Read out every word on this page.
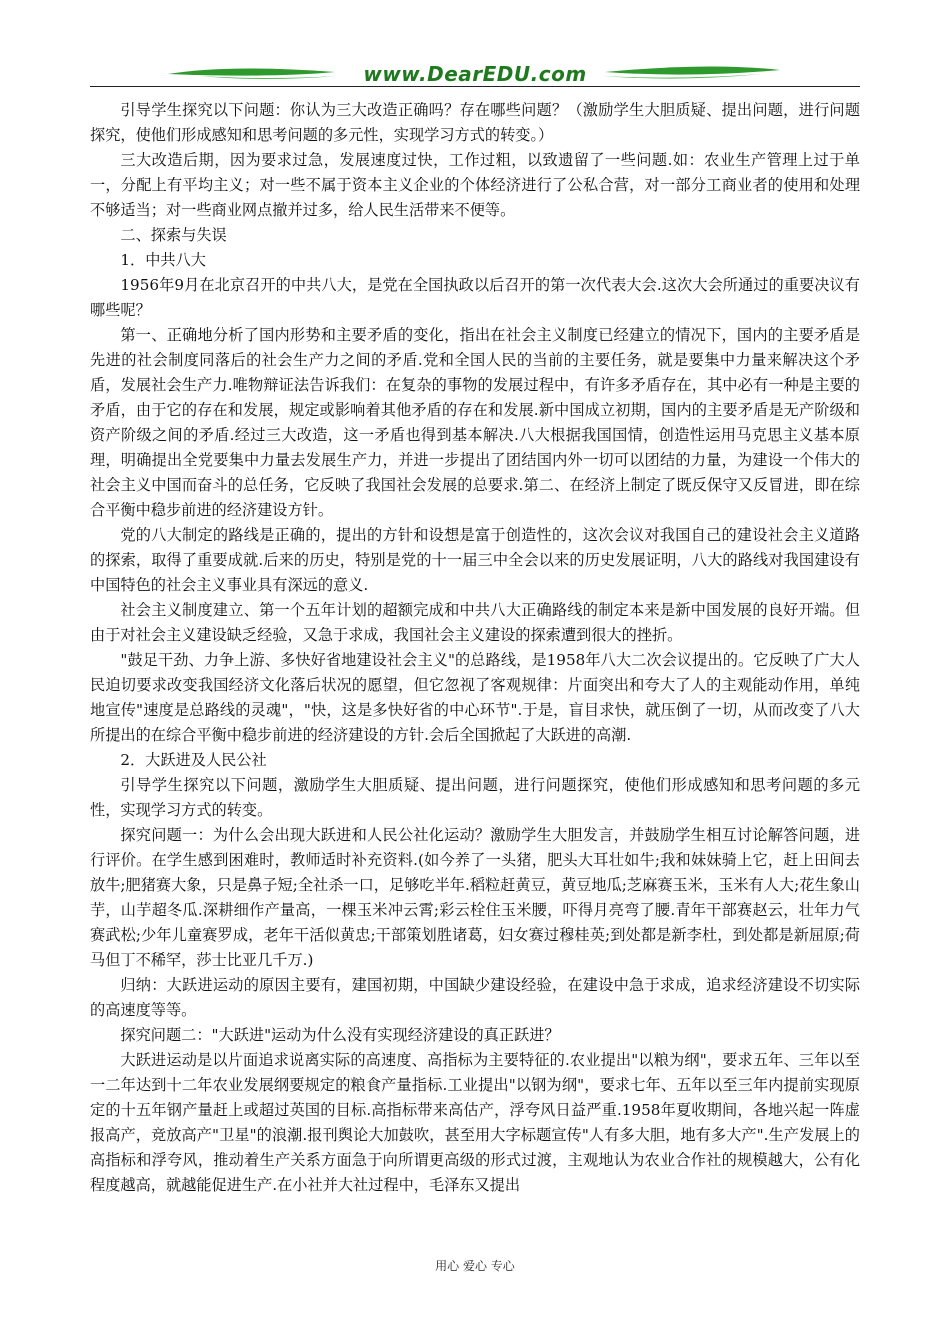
www.DearEDU.com

引导学生探究以下问题：你认为三大改造正确吗？存在哪些问题？（激励学生大胆质疑、提出问题，进行问题探究，使他们形成感知和思考问题的多元性，实现学习方式的转变。）

三大改造后期，因为要求过急，发展速度过快，工作过粗，以致遗留了一些问题.如：农业生产管理上过于单一，分配上有平均主义；对一些不属于资本主义企业的个体经济进行了公私合营，对一部分工商业者的使用和处理不够适当；对一些商业网点撤并过多，给人民生活带来不便等。

二、探索与失误

1．中共八大

1956年9月在北京召开的中共八大，是党在全国执政以后召开的第一次代表大会.这次大会所通过的重要决议有哪些呢？

第一、正确地分析了国内形势和主要矛盾的变化，指出在社会主义制度已经建立的情况下，国内的主要矛盾是先进的社会制度同落后的社会生产力之间的矛盾.党和全国人民的当前的主要任务，就是要集中力量来解决这个矛盾，发展社会生产力.唯物辩证法告诉我们：在复杂的事物的发展过程中，有许多矛盾存在，其中必有一种是主要的矛盾，由于它的存在和发展，规定或影响着其他矛盾的存在和发展.新中国成立初期，国内的主要矛盾是无产阶级和资产阶级之间的矛盾.经过三大改造，这一矛盾也得到基本解决.八大根据我国国情，创造性运用马克思主义基本原理，明确提出全党要集中力量去发展生产力，并进一步提出了团结国内外一切可以团结的力量，为建设一个伟大的社会主义中国而奋斗的总任务，它反映了我国社会发展的总要求.第二、在经济上制定了既反保守又反冒进，即在综合平衡中稳步前进的经济建设方针。

党的八大制定的路线是正确的，提出的方针和设想是富于创造性的，这次会议对我国自己的建设社会主义道路的探索，取得了重要成就.后来的历史，特别是党的十一届三中全会以来的历史发展证明，八大的路线对我国建设有中国特色的社会主义事业具有深远的意义.

社会主义制度建立、第一个五年计划的超额完成和中共八大正确路线的制定本来是新中国发展的良好开端。但由于对社会主义建设缺乏经验，又急于求成，我国社会主义建设的探索遭到很大的挫折。

"鼓足干劲、力争上游、多快好省地建设社会主义"的总路线，是1958年八大二次会议提出的。它反映了广大人民迫切要求改变我国经济文化落后状况的愿望，但它忽视了客观规律：片面突出和夸大了人的主观能动作用，单纯地宣传"速度是总路线的灵魂"，"快，这是多快好省的中心环节".于是，盲目求快，就压倒了一切，从而改变了八大所提出的在综合平衡中稳步前进的经济建设的方针.会后全国掀起了大跃进的高潮.

2．大跃进及人民公社

引导学生探究以下问题，激励学生大胆质疑、提出问题，进行问题探究，使他们形成感知和思考问题的多元性，实现学习方式的转变。

探究问题一：为什么会出现大跃进和人民公社化运动？激励学生大胆发言，并鼓励学生相互讨论解答问题，进行评价。在学生感到困难时，教师适时补充资料.(如今养了一头猪，肥头大耳壮如牛;我和妹妹骑上它，赶上田间去放牛;肥猪赛大象，只是鼻子短;全社杀一口，足够吃半年.稻粒赶黄豆，黄豆地瓜;芝麻赛玉米，玉米有人大;花生象山芋，山芋超冬瓜.深耕细作产量高，一棵玉米冲云霄;彩云栓住玉米腰，吓得月亮弯了腰.青年干部赛赵云，壮年力气赛武松;少年儿童赛罗成，老年干活似黄忠;干部策划胜诸葛，妇女赛过穆桂英;到处都是新李杜，到处都是新屈原;荷马但丁不稀罕，莎士比亚几千万.)

归纳：大跃进运动的原因主要有，建国初期，中国缺少建设经验，在建设中急于求成，追求经济建设不切实际的高速度等等。

探究问题二："大跃进"运动为什么没有实现经济建设的真正跃进？

大跃进运动是以片面追求说离实际的高速度、高指标为主要特征的.农业提出"以粮为纲"，要求五年、三年以至一二年达到十二年农业发展纲要规定的粮食产量指标.工业提出"以钢为纲"，要求七年、五年以至三年内提前实现原定的十五年钢产量赶上或超过英国的目标.高指标带来高估产，浮夸风日益严重.1958年夏收期间，各地兴起一阵虚报高产，竞放高产"卫星"的浪潮.报刊舆论大加鼓吹，甚至用大字标题宣传"人有多大胆，地有多大产".生产发展上的高指标和浮夸风，推动着生产关系方面急于向所谓更高级的形式过渡，主观地认为农业合作社的规模越大，公有化程度越高，就越能促进生产.在小社并大社过程中，毛泽东又提出

用心 爱心 专心
